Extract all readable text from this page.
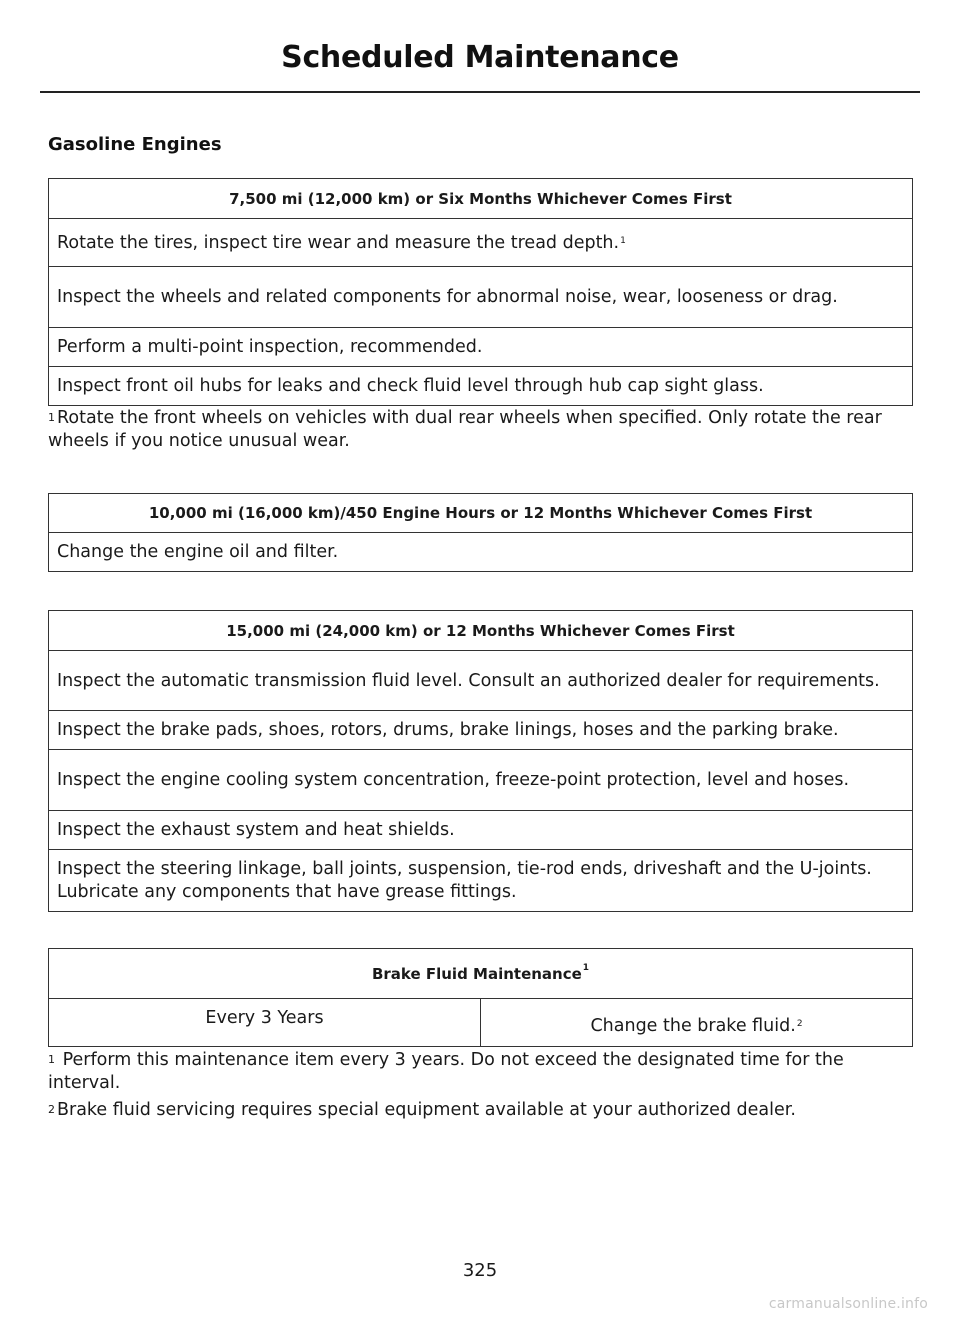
Scheduled Maintenance
Gasoline Engines
7,500 mi (12,000 km) or Six Months Whichever Comes First
Rotate the tires, inspect tire wear and measure the tread depth.$^1$
Inspect the wheels and related components for abnormal noise, wear, looseness or drag.
Perform a multi-point inspection, recommended.
Inspect front oil hubs for leaks and check fluid level through hub cap sight glass.
$^1$ Rotate the front wheels on vehicles with dual rear wheels when specified. Only rotate the rear wheels if you notice unusual wear.
10,000 mi (16,000 km)/450 Engine Hours or 12 Months Whichever Comes First
Change the engine oil and filter.
15,000 mi (24,000 km) or 12 Months Whichever Comes First
Inspect the automatic transmission fluid level. Consult an authorized dealer for requirements.
Inspect the brake pads, shoes, rotors, drums, brake linings, hoses and the parking brake.
Inspect the engine cooling system concentration, freeze-point protection, level and hoses.
Inspect the exhaust system and heat shields.
Inspect the steering linkage, ball joints, suspension, tie-rod ends, driveshaft and the U-joints. Lubricate any components that have grease fittings.
Brake Fluid Maintenance$^1$
Every 3 Years	Change the brake fluid.$^2$
$^1$ Perform this maintenance item every 3 years. Do not exceed the designated time for the interval.
$^2$ Brake fluid servicing requires special equipment available at your authorized dealer.
325
carmanualsonline.info
